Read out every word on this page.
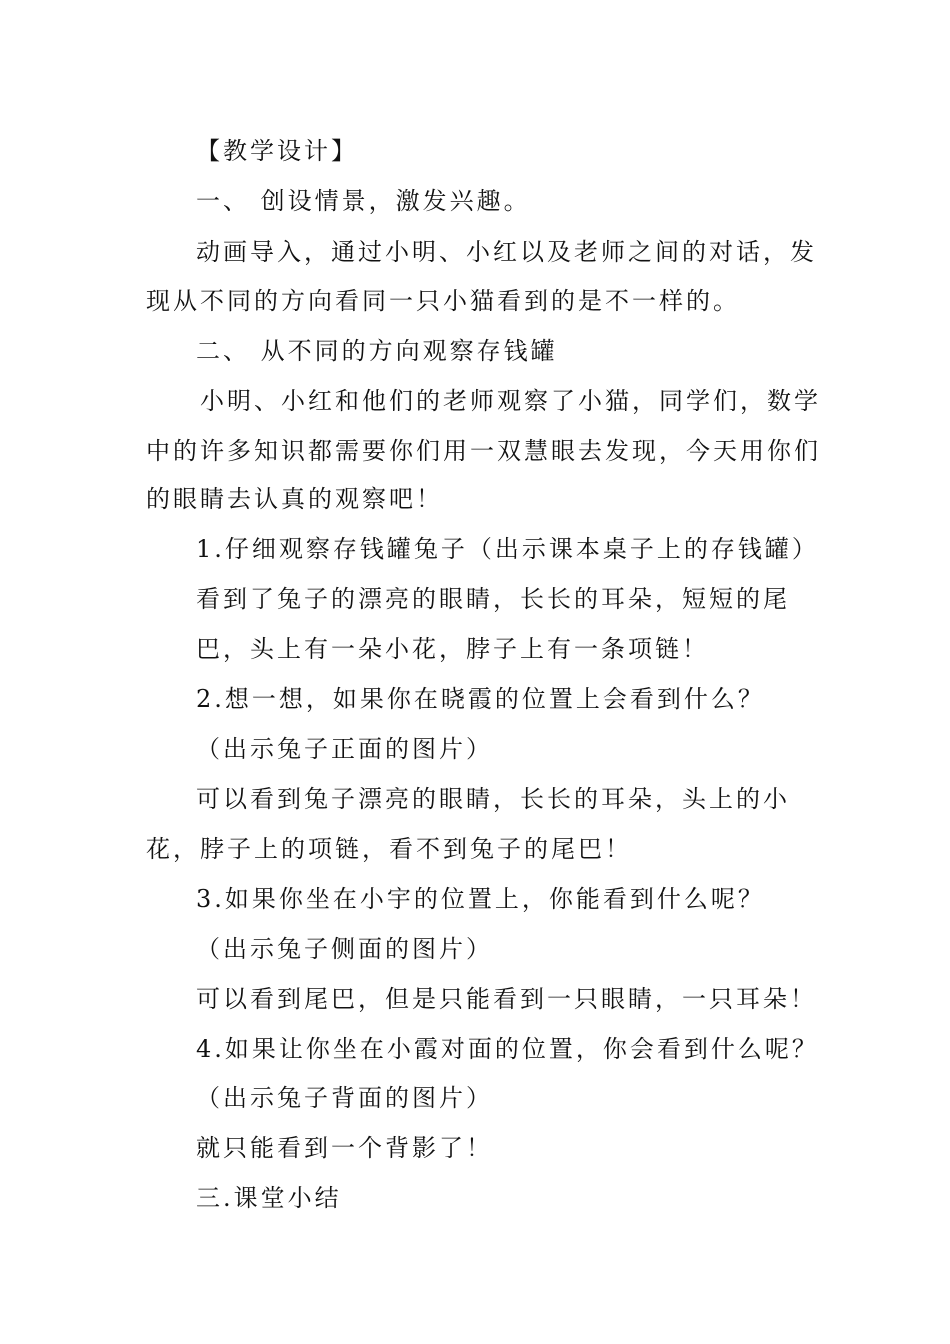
【教学设计】
一、 创设情景，激发兴趣。
动画导入，通过小明、小红以及老师之间的对话，发
现从不同的方向看同一只小猫看到的是不一样的。
二、 从不同的方向观察存钱罐
小明、小红和他们的老师观察了小猫，同学们，数学
中的许多知识都需要你们用一双慧眼去发现，今天用你们
的眼睛去认真的观察吧！
1.仔细观察存钱罐兔子（出示课本桌子上的存钱罐）
看到了兔子的漂亮的眼睛，长长的耳朵，短短的尾
巴，头上有一朵小花，脖子上有一条项链！
2.想一想，如果你在晓霞的位置上会看到什么？
（出示兔子正面的图片）
可以看到兔子漂亮的眼睛，长长的耳朵，头上的小
花，脖子上的项链，看不到兔子的尾巴！
3.如果你坐在小宇的位置上，你能看到什么呢？
（出示兔子侧面的图片）
可以看到尾巴，但是只能看到一只眼睛，一只耳朵！
4.如果让你坐在小霞对面的位置，你会看到什么呢？
（出示兔子背面的图片）
就只能看到一个背影了！
三.课堂小结
